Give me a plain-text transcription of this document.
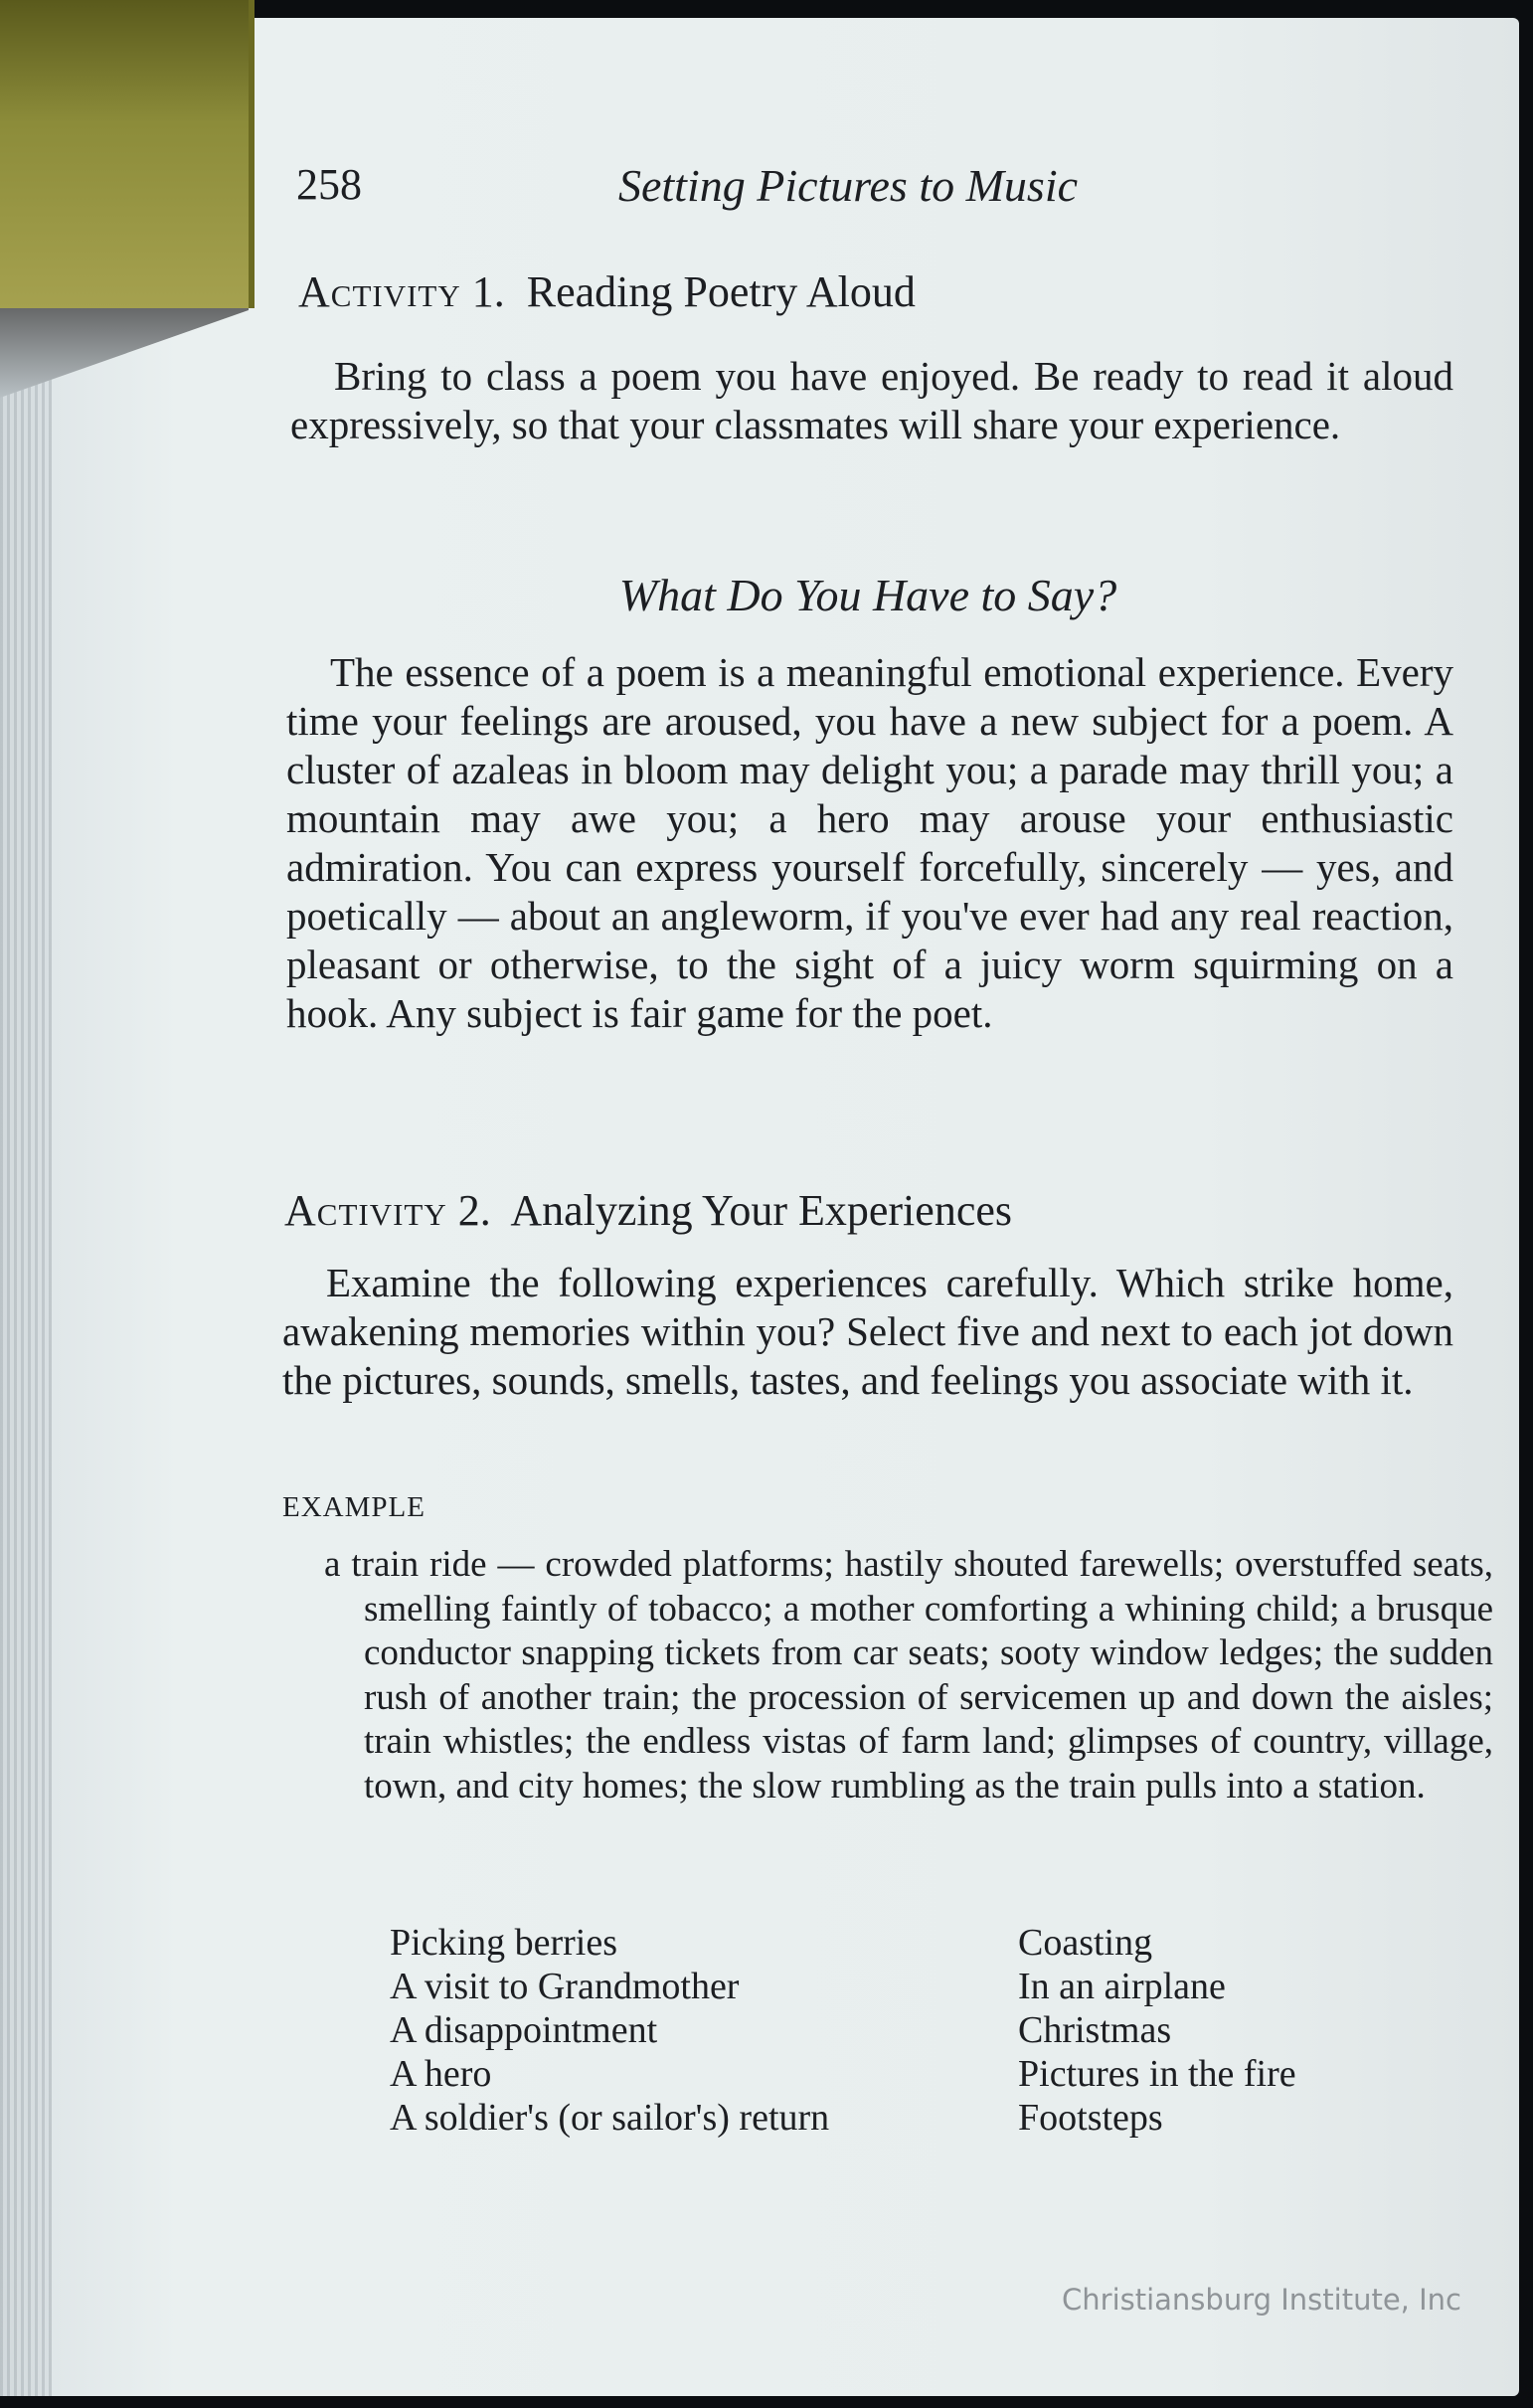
258	Setting Pictures to Music
Activity 1. Reading Poetry Aloud

Bring to class a poem you have enjoyed. Be ready to read it aloud expressively, so that your classmates will share your experience.

What Do You Have to Say?

The essence of a poem is a meaningful emotional experience. Every time your feelings are aroused, you have a new subject for a poem. A cluster of azaleas in bloom may delight you; a parade may thrill you; a mountain may awe you; a hero may arouse your enthusiastic admiration. You can express yourself forcefully, sincerely — yes, and poetically — about an angleworm, if you've ever had any real reaction, pleasant or otherwise, to the sight of a juicy worm squirming on a hook. Any subject is fair game for the poet.

Activity 2. Analyzing Your Experiences

Examine the following experiences carefully. Which strike home, awakening memories within you? Select five and next to each jot down the pictures, sounds, smells, tastes, and feelings you associate with it.

EXAMPLE

a train ride — crowded platforms; hastily shouted farewells; overstuffed seats, smelling faintly of tobacco; a mother comforting a whining child; a brusque conductor snapping tickets from car seats; sooty window ledges; the sudden rush of another train; the procession of servicemen up and down the aisles; train whistles; the endless vistas of farm land; glimpses of country, village, town, and city homes; the slow rumbling as the train pulls into a station.

Picking berries
A visit to Grandmother
A disappointment
A hero
A soldier's (or sailor's) return
Coasting
In an airplane
Christmas
Pictures in the fire
Footsteps
Christiansburg Institute, Inc
